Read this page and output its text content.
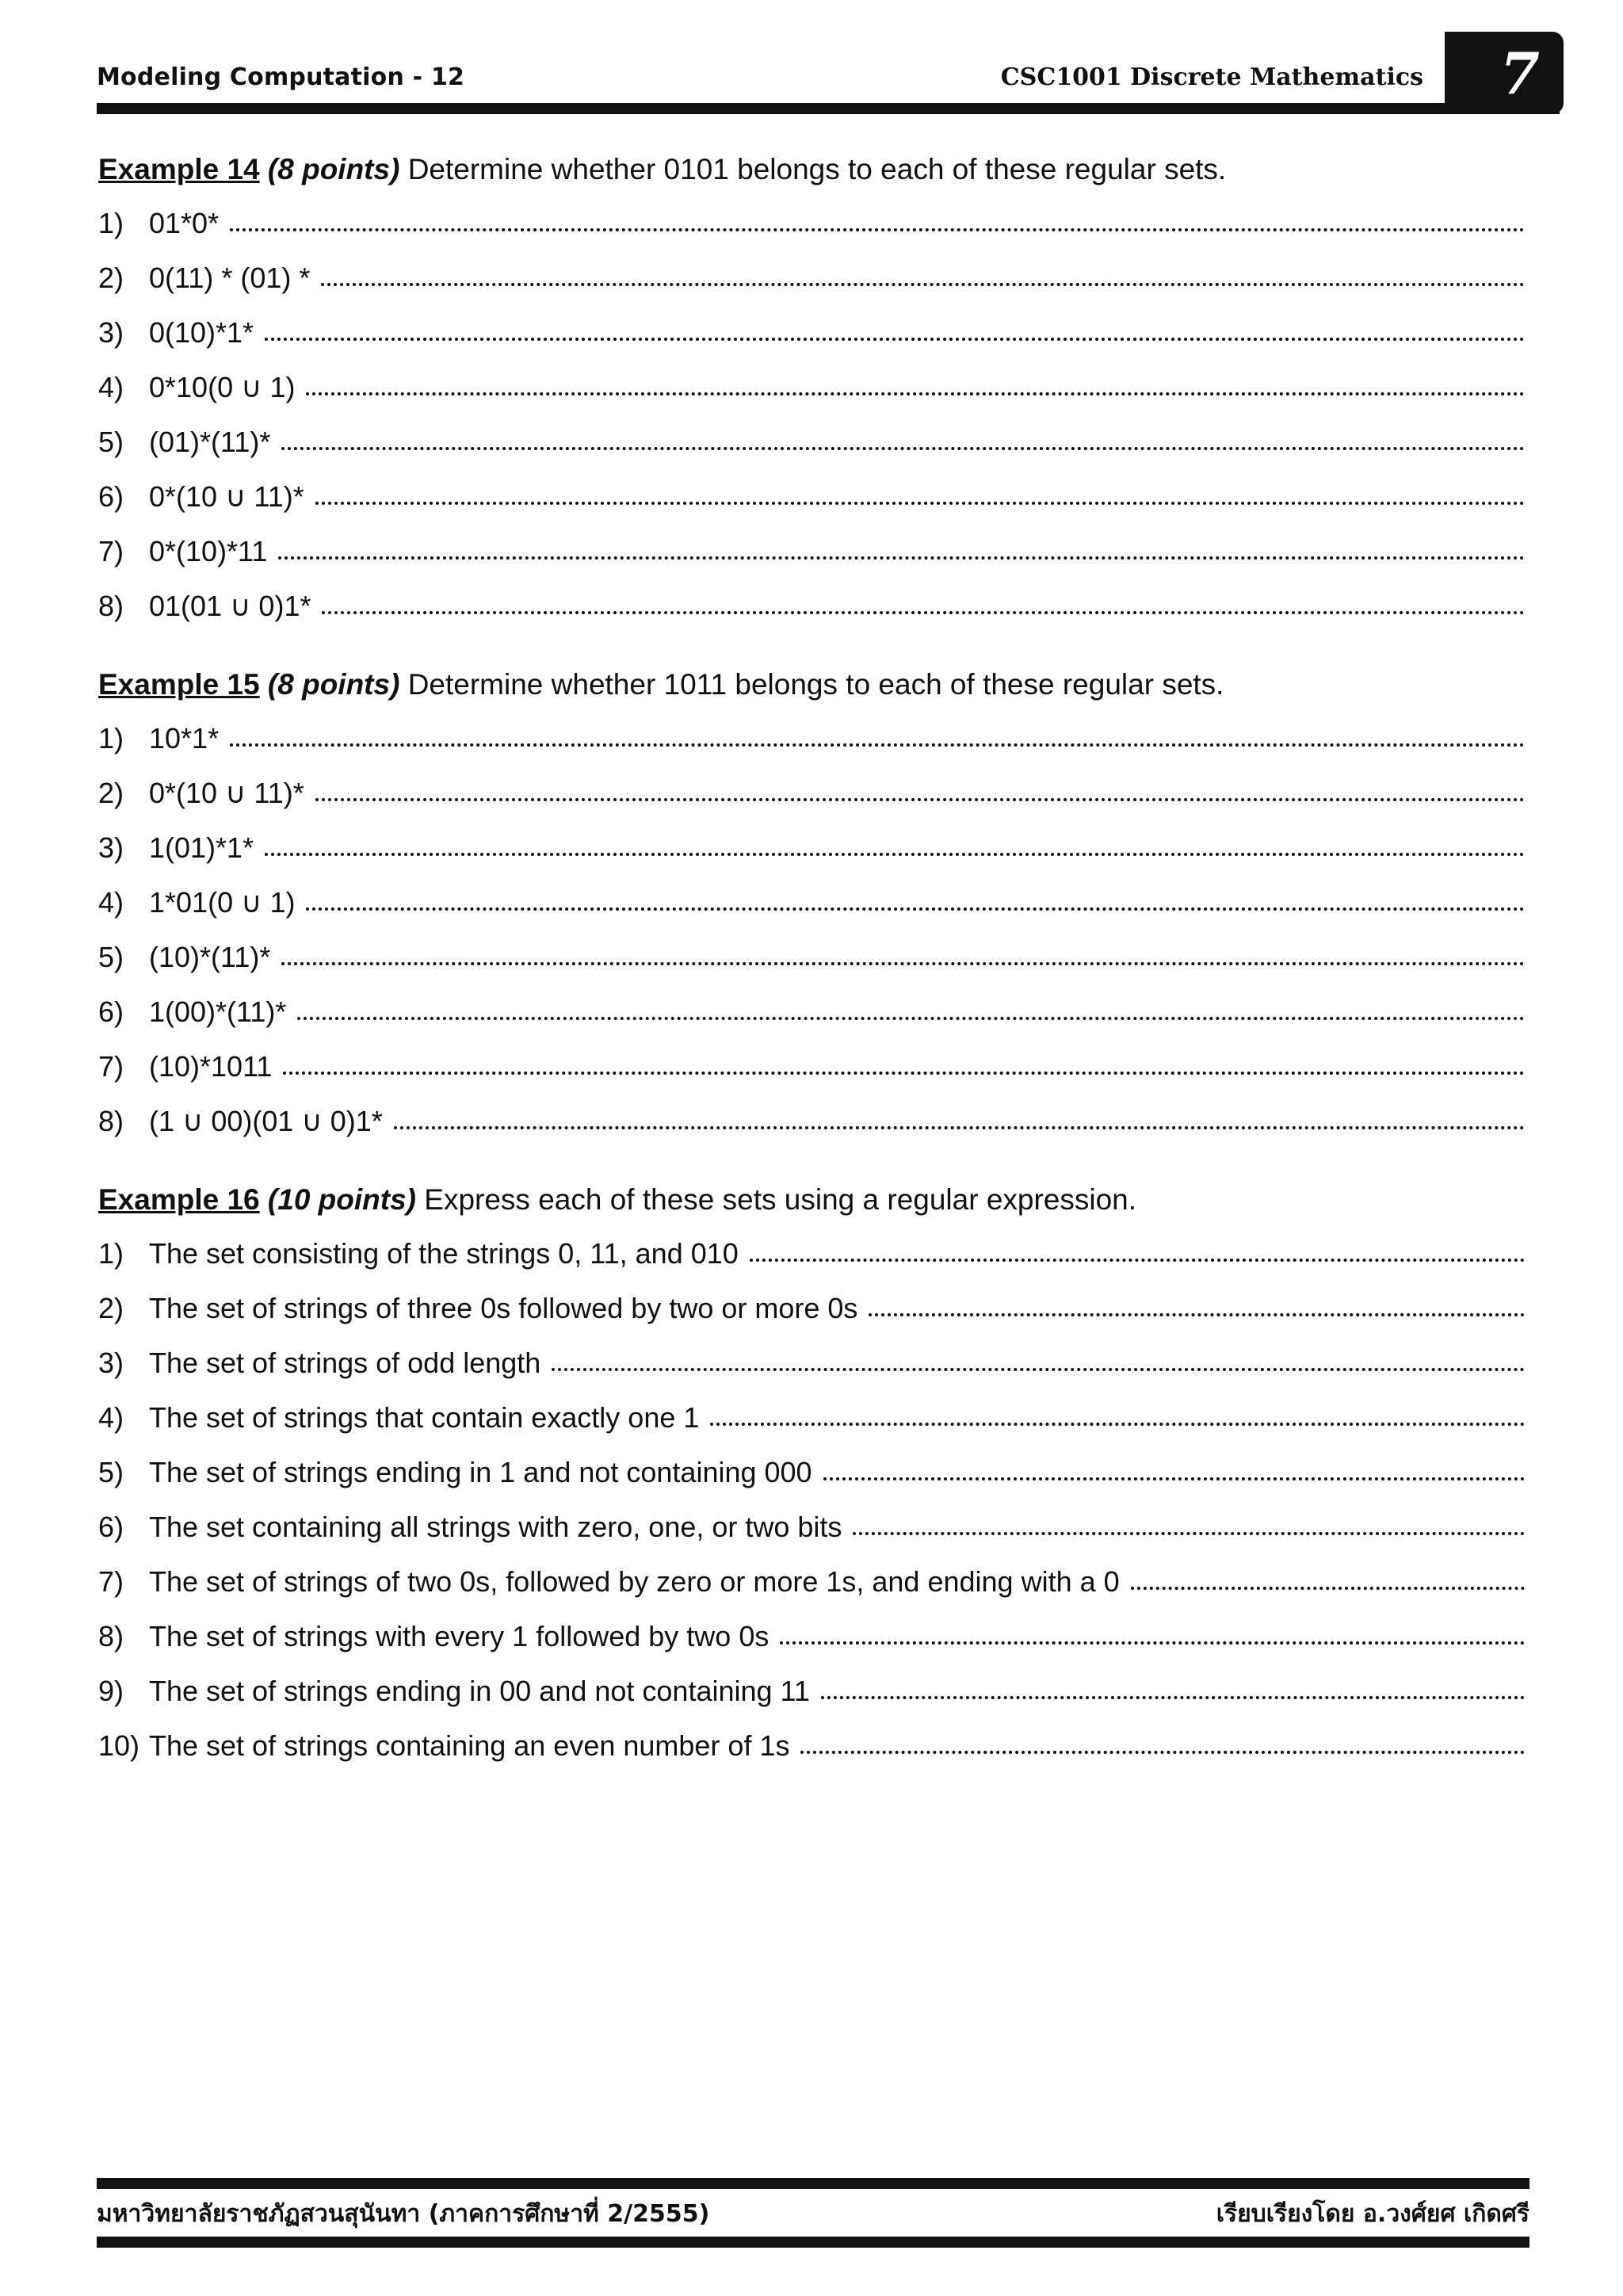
Modeling Computation - 12	CSC1001 Discrete Mathematics 7
Example 14 (8 points) Determine whether 0101 belongs to each of these regular sets.
1) 01*0*
2) 0(11) * (01) *
3) 0(10)*1*
4) 0*10(0 ∪ 1)
5) (01)*(11)*
6) 0*(10 ∪ 11)*
7) 0*(10)*11
8) 01(01 ∪ 0)1*
Example 15 (8 points) Determine whether 1011 belongs to each of these regular sets.
1) 10*1*
2) 0*(10 ∪ 11)*
3) 1(01)*1*
4) 1*01(0 ∪ 1)
5) (10)*(11)*
6) 1(00)*(11)*
7) (10)*1011
8) (1 ∪ 00)(01 ∪ 0)1*
Example 16 (10 points) Express each of these sets using a regular expression.
1) The set consisting of the strings 0, 11, and 010
2) The set of strings of three 0s followed by two or more 0s
3) The set of strings of odd length
4) The set of strings that contain exactly one 1
5) The set of strings ending in 1 and not containing 000
6) The set containing all strings with zero, one, or two bits
7) The set of strings of two 0s, followed by zero or more 1s, and ending with a 0
8) The set of strings with every 1 followed by two 0s
9) The set of strings ending in 00 and not containing 11
10) The set of strings containing an even number of 1s
มหาวิทยาลัยราชภัฏสวนสุนันทา (ภาคการศึกษาที่ 2/2555)	เรียบเรียงโดย อ.วงศ์ยศ เกิดศรี
